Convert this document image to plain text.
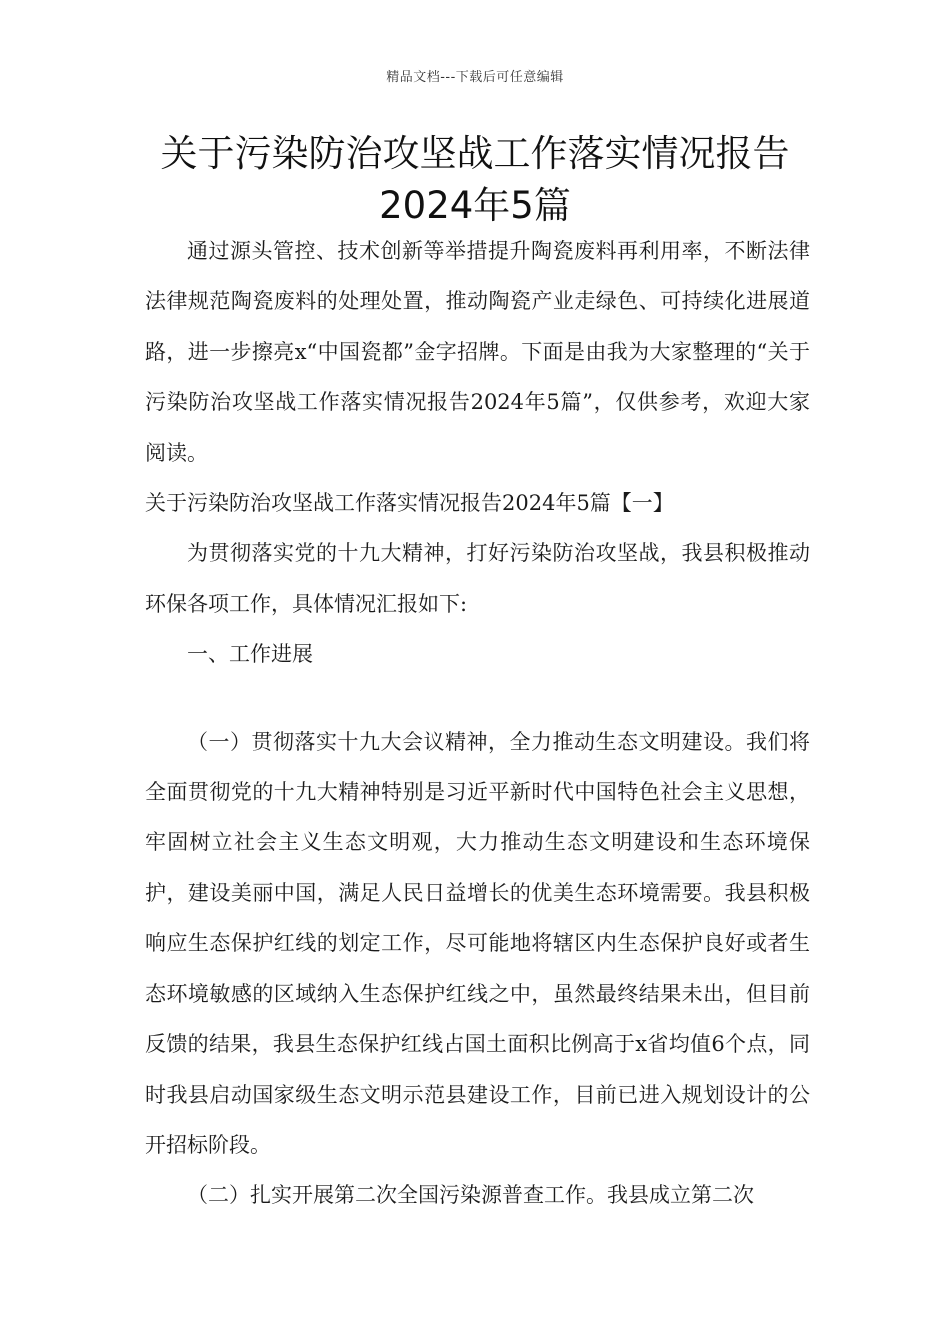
精品文档---下载后可任意编辑
关于污染防治攻坚战工作落实情况报告
2024年5篇

通过源头管控、技术创新等举措提升陶瓷废料再利用率，不断法律法律规范陶瓷废料的处理处置，推动陶瓷产业走绿色、可持续化进展道路，进一步擦亮x“中国瓷都”金字招牌。下面是由我为大家整理的“关于污染防治攻坚战工作落实情况报告2024年5篇”，仅供参考，欢迎大家阅读。

关于污染防治攻坚战工作落实情况报告2024年5篇【一】

为贯彻落实党的十九大精神，打好污染防治攻坚战，我县积极推动环保各项工作，具体情况汇报如下:

一、工作进展

（一）贯彻落实十九大会议精神，全力推动生态文明建设。我们将全面贯彻党的十九大精神特别是习近平新时代中国特色社会主义思想，牢固树立社会主义生态文明观，大力推动生态文明建设和生态环境保护，建设美丽中国，满足人民日益增长的优美生态环境需要。我县积极响应生态保护红线的划定工作，尽可能地将辖区内生态保护良好或者生态环境敏感的区域纳入生态保护红线之中，虽然最终结果未出，但目前反馈的结果，我县生态保护红线占国土面积比例高于x省均值6个点，同时我县启动国家级生态文明示范县建设工作，目前已进入规划设计的公开招标阶段。

（二）扎实开展第二次全国污染源普查工作。我县成立第二次
